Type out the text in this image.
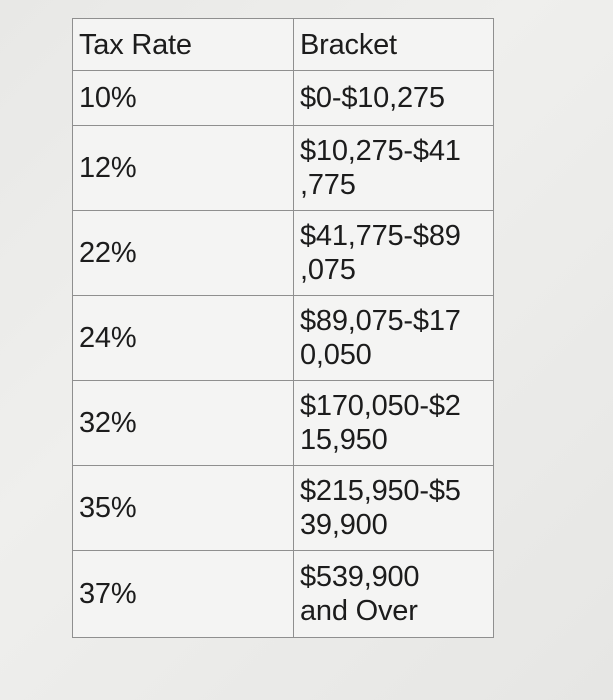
Tax Rate	Bracket
10%	$0-$10,275
12%	$10,275-$41
,775
22%	$41,775-$89
,075
24%	$89,075-$17
0,050
32%	$170,050-$2
15,950
35%	$215,950-$5
39,900
37%	$539,900
and Over
